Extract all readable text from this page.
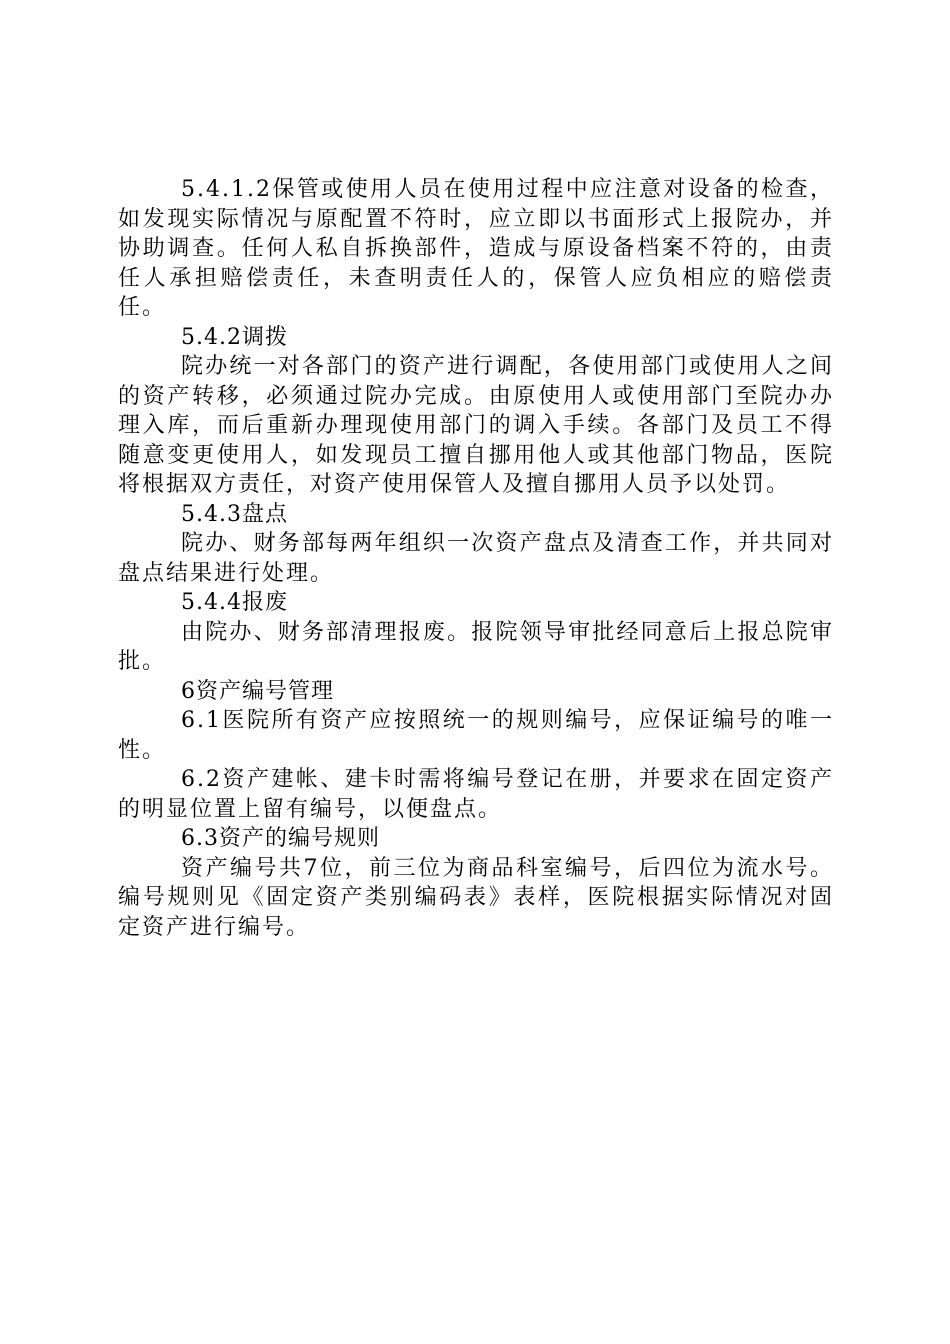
5.4.1.2保管或使用人员在使用过程中应注意对设备的检查，如发现实际情况与原配置不符时，应立即以书面形式上报院办，并协助调查。任何人私自拆换部件，造成与原设备档案不符的，由责任人承担赔偿责任，未查明责任人的，保管人应负相应的赔偿责任。

5.4.2调拨

院办统一对各部门的资产进行调配，各使用部门或使用人之间的资产转移，必须通过院办完成。由原使用人或使用部门至院办办理入库，而后重新办理现使用部门的调入手续。各部门及员工不得随意变更使用人，如发现员工擅自挪用他人或其他部门物品，医院将根据双方责任，对资产使用保管人及擅自挪用人员予以处罚。

5.4.3盘点

院办、财务部每两年组织一次资产盘点及清查工作，并共同对盘点结果进行处理。

5.4.4报废

由院办、财务部清理报废。报院领导审批经同意后上报总院审批。

6资产编号管理

6.1医院所有资产应按照统一的规则编号，应保证编号的唯一性。

6.2资产建帐、建卡时需将编号登记在册，并要求在固定资产的明显位置上留有编号，以便盘点。

6.3资产的编号规则

资产编号共7位，前三位为商品科室编号，后四位为流水号。编号规则见《固定资产类别编码表》表样，医院根据实际情况对固定资产进行编号。
